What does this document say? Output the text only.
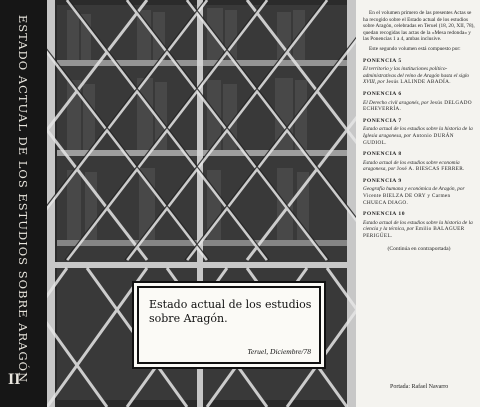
ESTADO ACTUAL DE LOS ESTUDIOS SOBRE ARAGÓN
II
Estado actual de los estudios sobre Aragón.
Teruel, Diciembre/78

En el volumen primero de las presentes Actas se ha recogido sobre el Estado actual de los estudios sobre Aragón, celebradas en Teruel (18, 20, XII, 78), quedan recogidas las actas de la «Mesa redonda» y las Ponencias 1 a 4, ambas inclusive.

Este segundo volumen está compuesto por:

PONENCIA 5
El territorio y las instituciones político-administrativas del reino de Aragón hasta el siglo XVIII, por Jesús LALINDE ABADÍA.
PONENCIA 6
El Derecho civil aragonés, por Jesús DELGADO ECHEVERRÍA.
PONENCIA 7
Estado actual de los estudios sobre la historia de la Iglesia aragonesa, por Antonio DURÁN GUDIOL.
PONENCIA 8
Estado actual de los estudios sobre economía aragonesa, por José A. BIESCAS FERRER.
PONENCIA 9
Geografía humana y económica de Aragón, por Vicente BIELZA DE ORY y Carmen CHUECA DIAGO.
PONENCIA 10
Estado actual de los estudios sobre la historia de la ciencia y la técnica, por Emilio BALAGUER PERIGÜEL.
(Continúa en contraportada)
Portada: Rafael Navarro
